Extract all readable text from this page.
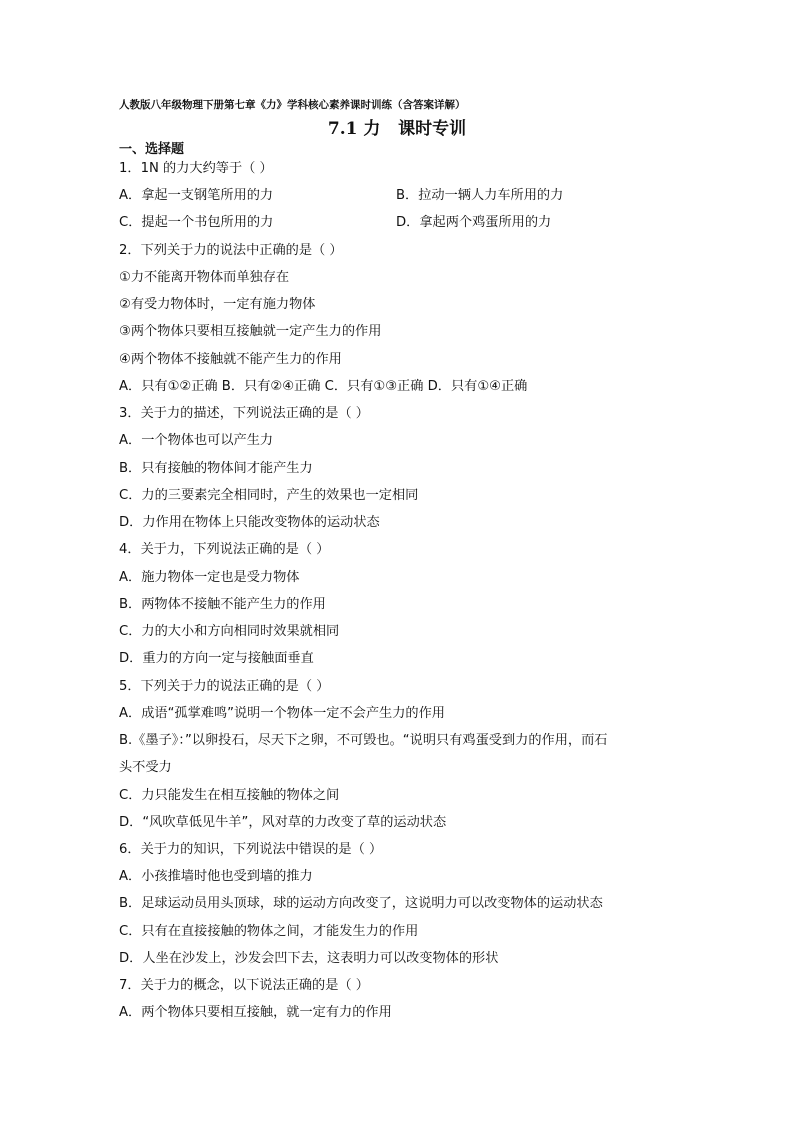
人教版八年级物理下册第七章《力》学科核心素养课时训练（含答案详解）
7.1 力   课时专训
一、选择题
1．1N 的力大约等于（ ）
A．拿起一支钢笔所用的力	B．拉动一辆人力车所用的力
C．提起一个书包所用的力	D．拿起两个鸡蛋所用的力
2．下列关于力的说法中正确的是（ ）
①力不能离开物体而单独存在
②有受力物体时，一定有施力物体
③两个物体只要相互接触就一定产生力的作用
④两个物体不接触就不能产生力的作用
A．只有①②正确 B．只有②④正确 C．只有①③正确 D．只有①④正确
3．关于力的描述，下列说法正确的是（ ）
A．一个物体也可以产生力
B．只有接触的物体间才能产生力
C．力的三要素完全相同时，产生的效果也一定相同
D．力作用在物体上只能改变物体的运动状态
4．关于力，下列说法正确的是（ ）
A．施力物体一定也是受力物体
B．两物体不接触不能产生力的作用
C．力的大小和方向相同时效果就相同
D．重力的方向一定与接触面垂直
5．下列关于力的说法正确的是（ ）
A．成语“孤掌难鸣”说明一个物体一定不会产生力的作用
B.《墨子》：”以卵投石，尽天下之卵，不可毁也。“说明只有鸡蛋受到力的作用，而石
头不受力
C．力只能发生在相互接触的物体之间
D．“风吹草低见牛羊”，风对草的力改变了草的运动状态
6．关于力的知识，下列说法中错误的是（ ）
A．小孩推墙时他也受到墙的推力
B．足球运动员用头顶球，球的运动方向改变了，这说明力可以改变物体的运动状态
C．只有在直接接触的物体之间，才能发生力的作用
D．人坐在沙发上，沙发会凹下去，这表明力可以改变物体的形状
7．关于力的概念，以下说法正确的是（ ）
A．两个物体只要相互接触，就一定有力的作用
